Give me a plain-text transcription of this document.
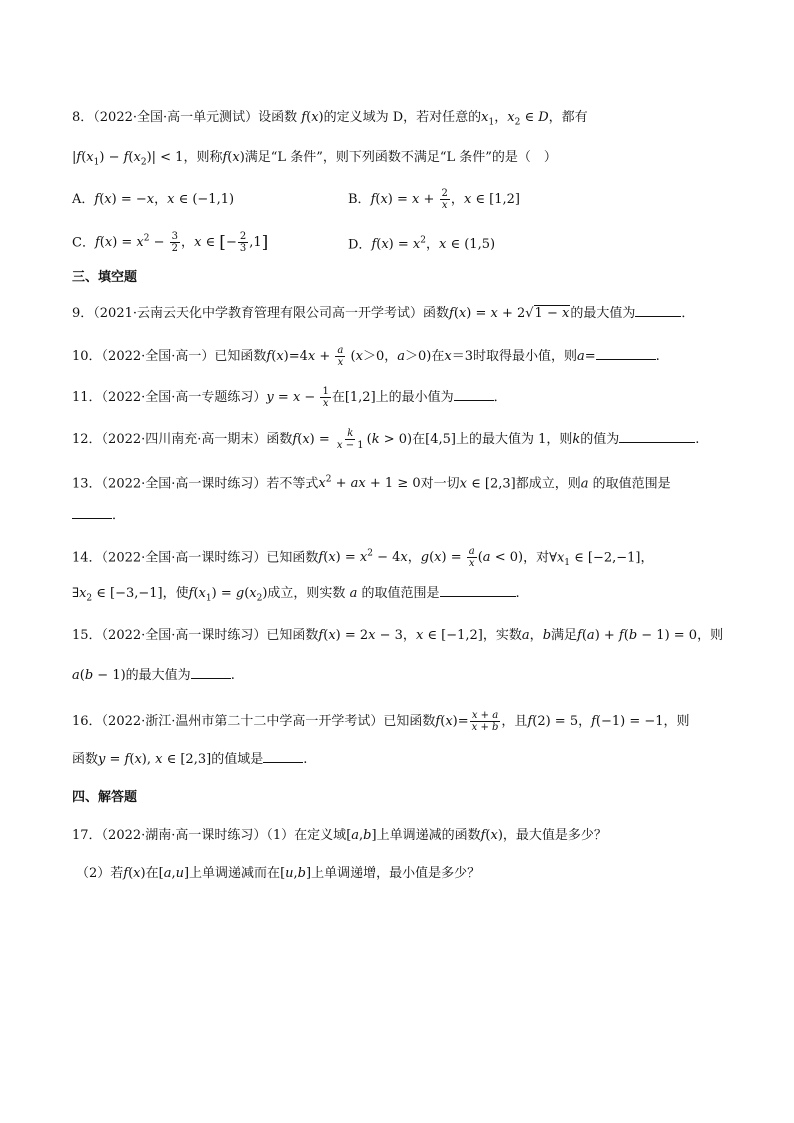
8．（2022·全国·高一单元测试）设函数 f(x)的定义域为 D，若对任意的$x_1$，$x_2$ ∈ D，都有
$|f(x_1) - f(x_2)| < 1$，则称f(x)满足“L 条件”，则下列函数不满足“L 条件”的是（　）
A．f(x) = −x，x ∈ (−1,1)	B．$f(x) = x + \frac{2}{x}$ ，x ∈ [1,2]
C．$f(x) = x^2 - \frac{3}{2}$ ，x ∈ [− $\frac{2}{3} ,1$]	D．$f(x) = x^2$，x ∈ (1,5)
三、填空题
9．（2021·云南云天化中学教育管理有限公司高一开学考试）函数f(x) = x + 2√1 − x的最大值为	．
10．（2022·全国·高一）已知函数$f(x)=4x + \frac{a}{x} (x>0$，a＞0)在x＝3时取得最小值，则a=	.
11．（2022·全国·高一专题练习）$y = x - \frac{1}{x}$ 在[1,2]上的最小值为	．
12．（2022·四川南充·高一期末）函数$f(x) = \frac{k}{x - 1} (k > 0)$在[4,5]上的最大值为 1，则k的值为	.
13．（2022·全国·高一课时练习）若不等式$x^2$ + ax + 1 ≥ 0对一切x ∈ [2,3]都成立，则a 的取值范围是
．
14．（2022·全国·高一课时练习）已知函数$f(x) = x^2 - 4x$，$g(x) = \frac{a}{x} (a < 0)$，对$\forall x_1$ ∈ [−2,−1]，
$\exists x_2$ ∈ [−3,−1]，使$f(x_1) = g(x_2)$成立，则实数 a 的取值范围是	.
15．（2022·全国·高一课时练习）已知函数f(x) = 2x − 3，x ∈ [−1,2]，实数a，b满足f(a) + f(b − 1) = 0，则
a(b − 1)的最大值为	.
16．（2022·浙江·温州市第二十二中学高一开学考试）已知函数$f(x)= \frac{x + a}{x + b}$ ，且f(2) = 5，f(−1) = −1，则
函数y = f(x), x ∈ [2,3]的值域是	.
四、解答题
17．（2022·湖南·高一课时练习）（1）在定义域[a,b]上单调递减的函数f(x)，最大值是多少？
（2）若f(x)在[a,u]上单调递减而在[u,b]上单调递增，最小值是多少？
